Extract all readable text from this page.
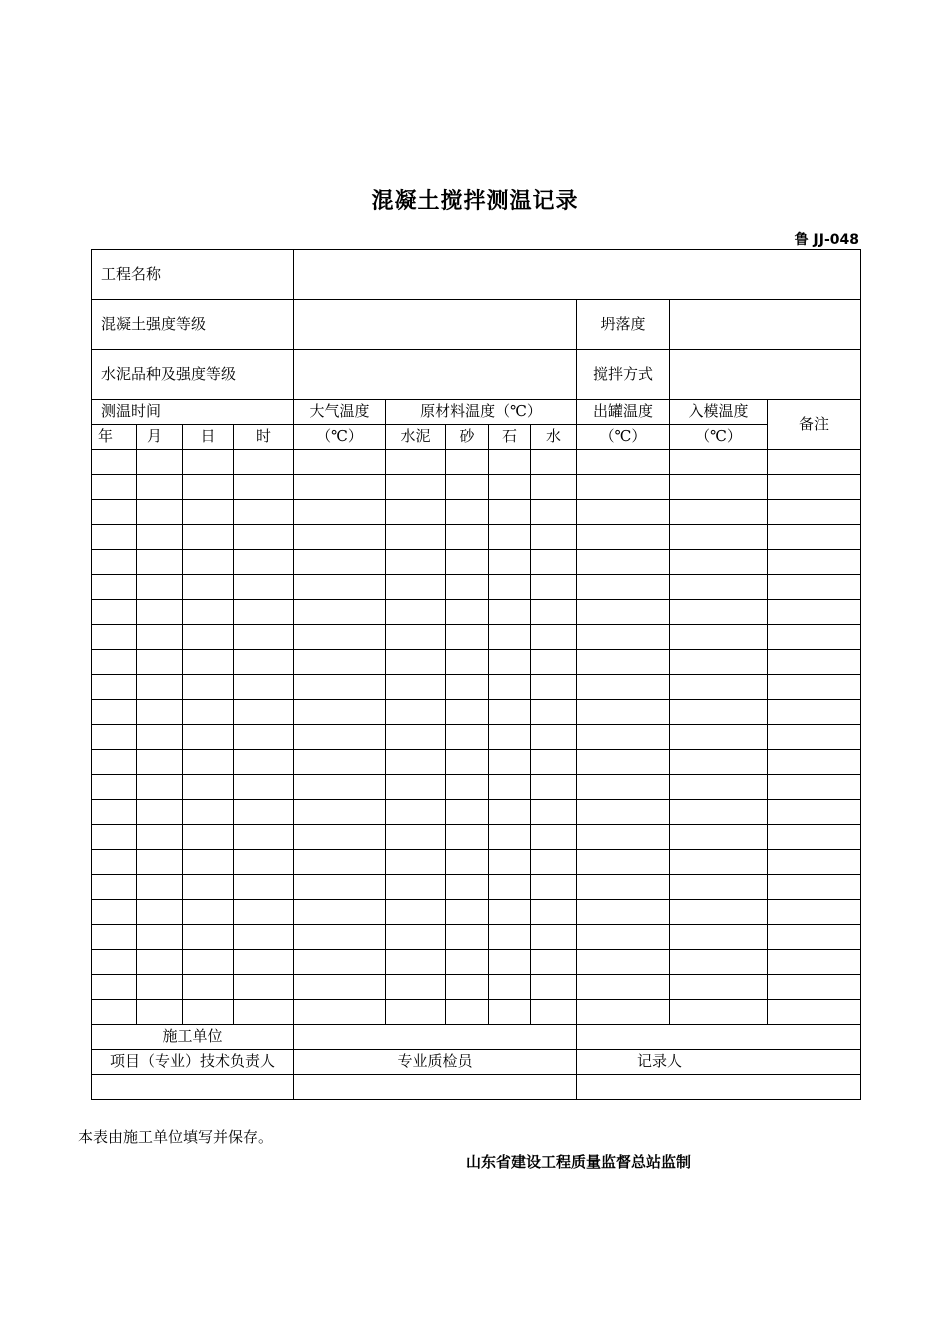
混凝土搅拌测温记录
鲁 JJ-048
工程名称											
混凝土强度等级									坍落度		
水泥品种及强度等级									搅拌方式		
测温时间				大气温度	原材料温度（℃）				出罐温度	入模温度	备注
年	月	日	时	（℃）	水泥	砂	石	水	（℃）	（℃）	

施工单位											
项目（专业）技术负责人				专业质检员					记录人		

本表由施工单位填写并保存。
山东省建设工程质量监督总站监制
